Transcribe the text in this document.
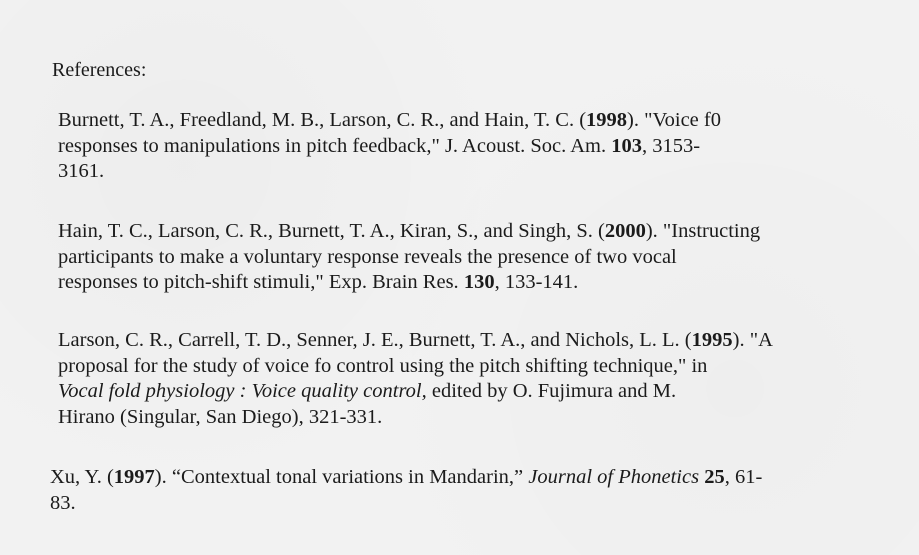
References:

Burnett, T. A., Freedland, M. B., Larson, C. R., and Hain, T. C. (1998). "Voice f0
responses to manipulations in pitch feedback," J. Acoust. Soc. Am. 103, 3153-
3161.

Hain, T. C., Larson, C. R., Burnett, T. A., Kiran, S., and Singh, S. (2000). "Instructing
participants to make a voluntary response reveals the presence of two vocal
responses to pitch-shift stimuli," Exp. Brain Res. 130, 133-141.

Larson, C. R., Carrell, T. D., Senner, J. E., Burnett, T. A., and Nichols, L. L. (1995). "A
proposal for the study of voice fo control using the pitch shifting technique," in
Vocal fold physiology : Voice quality control, edited by O. Fujimura and M.
Hirano (Singular, San Diego), 321-331.

Xu, Y. (1997). “Contextual tonal variations in Mandarin,” Journal of Phonetics 25, 61-
83.
